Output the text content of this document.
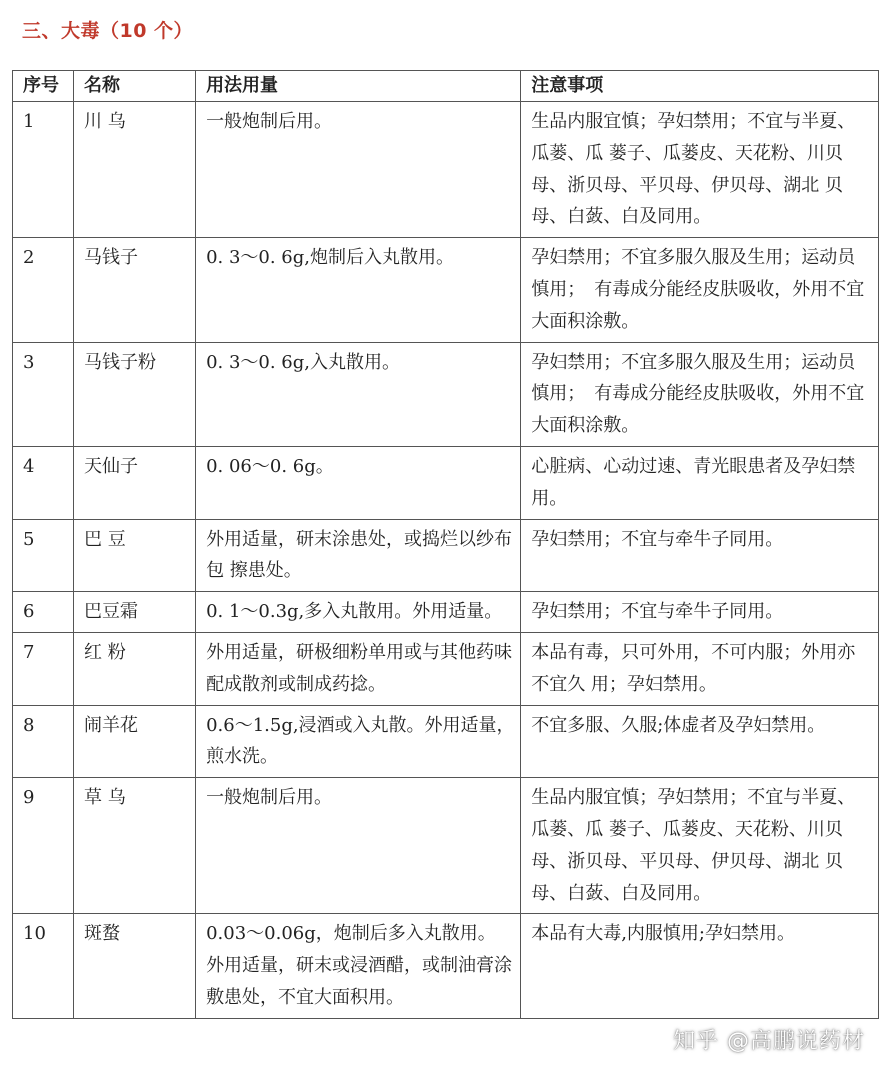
三、大毒（10 个）
序号	名称	用法用量	注意事项
1	川 乌	一般炮制后用。	生品内服宜慎；孕妇禁用；不宜与半夏、瓜蒌、瓜 蒌子、瓜蒌皮、天花粉、川贝母、浙贝母、平贝母、伊贝母、湖北 贝母、白蔹、白及同用。
2	马钱子	0. 3～0. 6g,炮制后入丸散用。	孕妇禁用；不宜多服久服及生用；运动员慎用；　有毒成分能经皮肤吸收，外用不宜大面积涂敷。
3	马钱子粉	0. 3～0. 6g,入丸散用。	孕妇禁用；不宜多服久服及生用；运动员慎用；　有毒成分能经皮肤吸收，外用不宜大面积涂敷。
4	天仙子	0. 06～0. 6g。	心脏病、心动过速、青光眼患者及孕妇禁用。
5	巴 豆	外用适量，研末涂患处，或捣烂以纱布包 擦患处。	孕妇禁用；不宜与牵牛子同用。
6	巴豆霜	0. 1～0.3g,多入丸散用。外用适量。	孕妇禁用；不宜与牵牛子同用。
7	红 粉	外用适量，研极细粉单用或与其他药味 配成散剂或制成药捻。	本品有毒，只可外用，不可内服；外用亦不宜久 用；孕妇禁用。
8	闹羊花	0.6～1.5g,浸酒或入丸散。外用适量，　煎水洗。	不宜多服、久服;体虚者及孕妇禁用。
9	草 乌	一般炮制后用。	生品内服宜慎；孕妇禁用；不宜与半夏、瓜蒌、瓜 蒌子、瓜蒌皮、天花粉、川贝母、浙贝母、平贝母、伊贝母、湖北 贝母、白蔹、白及同用。
10	斑蝥	0.03～0.06g，炮制后多入丸散用。外用适量，研末或浸酒醋，或制油膏涂敷患处，不宜大面积用。	本品有大毒,内服慎用;孕妇禁用。
知乎 @高鹏说药材
